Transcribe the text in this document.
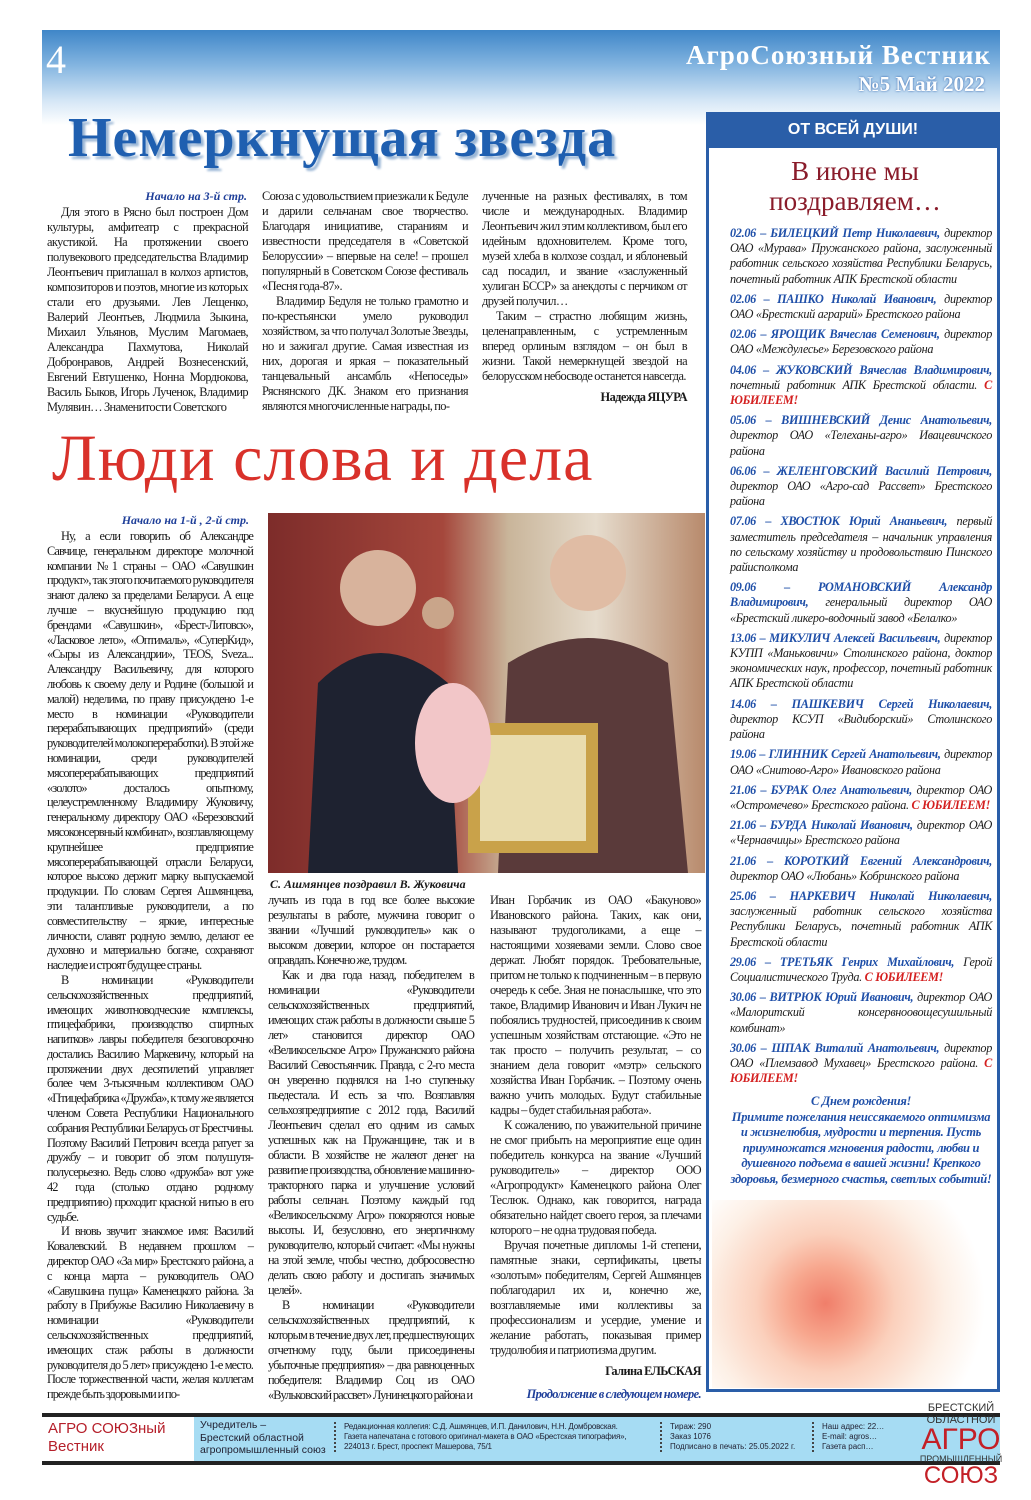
4	АгроСоюзный Вестник
№5 Май 2022
Немеркнущая звезда
Начало на 3-й стр.

Для этого в Рясно был построен Дом культуры, амфитеатр с прекрасной акустикой. На протяжении своего полувекового председательства Владимир Леонтьевич приглашал в колхоз артистов, композиторов и поэтов, многие из которых стали его друзьями. Лев Лещенко, Валерий Леонтьев, Людмила Зыкина, Михаил Ульянов, Муслим Магомаев, Александра Пахмутова, Николай Добронравов, Андрей Вознесенский, Евгений Евтушенко, Нонна Мордюкова, Василь Быков, Игорь Лученок, Владимир Мулявин… Знаменитости Советского

Союза с удовольствием приезжали к Бедуле и дарили сельчанам свое творчество. Благодаря инициативе, стараниям и известности председателя в «Советской Белоруссии» – впервые на селе! – прошел популярный в Советском Союзе фестиваль «Песня года-87».

Владимир Бедуля не только грамотно и по-крестьянски умело руководил хозяйством, за что получал Золотые Звезды, но и зажигал другие. Самая известная из них, дорогая и яркая – показательный танцевальный ансамбль «Непоседы» Ряснянского ДК. Знаком его признания являются многочисленные награды, по-

лученные на разных фестивалях, в том числе и международных. Владимир Леонтьевич жил этим коллективом, был его идейным вдохновителем. Кроме того, музей хлеба в колхозе создал, и яблоневый сад посадил, и звание «заслуженный хулиган БССР» за анекдоты с перчиком от друзей получил…

Таким – страстно любящим жизнь, целенаправленным, с устремленным вперед орлиным взглядом – он был в жизни. Такой немеркнущей звездой на белорусском небосводе останется навсегда.

Надежда ЯЦУРА
Люди слова и дела
Начало на 1-й , 2-й стр.
С. Ашмянцев поздравил В. Жуковича

Ну, а если говорить об Александре Савчице, генеральном директоре молочной компании №1 страны – ОАО «Савушкин продукт», так этого почитаемого руководителя знают далеко за пределами Беларуси. А еще лучше – вкуснейшую продукцию под брендами «Савушкин», «Брест-Литовск», «Ласковое лето», «Оптималь», «СуперКид», «Сыры из Александрии», TEOS, Sveza... Александру Васильевичу, для которого любовь к своему делу и Родине (большой и малой) неделима, по праву присуждено 1-е место в номинации «Руководители перерабатывающих предприятий» (среди руководителей молокопереработки). В этой же номинации, среди руководителей мясоперерабатывающих предприятий «золото» досталось опытному, целеустремленному Владимиру Жуковичу, генеральному директору ОАО «Березовский мясоконсервный комбинат», возглавляющему крупнейшее предприятие мясоперерабатывающей отрасли Беларуси, которое высоко держит марку выпускаемой продукции. По словам Сергея Ашмянцева, эти талантливые руководители, а по совместительству – яркие, интересные личности, славят родную землю, делают ее духовно и материально богаче, сохраняют наследие и строят будущее страны.

В номинации «Руководители сельскохозяйственных предприятий, имеющих животноводческие комплексы, птицефабрики, производство спиртных напитков» лавры победителя безоговорочно достались Василию Маркевичу, который на протяжении двух десятилетий управляет более чем 3-тысячным коллективом ОАО «Птицефабрика «Дружба», к тому же является членом Совета Республики Национального собрания Республики Беларусь от Брестчины. Поэтому Василий Петрович всегда ратует за дружбу – и говорит об этом полушутя-полусерьезно. Ведь слово «дружба» вот уже 42 года (столько отдано родному предприятию) проходит красной нитью в его судьбе.

И вновь звучит знакомое имя: Василий Ковалевский. В недавнем прошлом – директор ОАО «За мир» Брестского района, а с конца марта – руководитель ОАО «Савушкина пуща» Каменецкого района. За работу в Прибужье Василию Николаевичу в номинации «Руководители сельскохозяйственных предприятий, имеющих стаж работы в должности руководителя до 5 лет» присуждено 1-е место. После торжественной части, желая коллегам прежде быть здоровыми и по-

лучать из года в год все более высокие результаты в работе, мужчина говорит о звании «Лучший руководитель» как о высоком доверии, которое он постарается оправдать. Конечно же, трудом.

Как и два года назад, победителем в номинации «Руководители сельскохозяйственных предприятий, имеющих стаж работы в должности свыше 5 лет» становится директор ОАО «Великосельское Агро» Пружанского района Василий Севостьянчик. Правда, с 2-го места он уверенно поднялся на 1-ю ступеньку пьедестала. И есть за что. Возглавляя сельхозпредприятие с 2012 года, Василий Леонтьевич сделал его одним из самых успешных как на Пружанщине, так и в области. В хозяйстве не жалеют денег на развитие производства, обновление машинно-тракторного парка и улучшение условий работы сельчан. Поэтому каждый год «Великосельскому Агро» покоряются новые высоты. И, безусловно, его энергичному руководителю, который считает: «Мы нужны на этой земле, чтобы честно, добросовестно делать свою работу и достигать значимых целей».

В номинации «Руководители сельскохозяйственных предприятий, к которым в течение двух лет, предшествующих отчетному году, были присоединены убыточные предприятия» – два равноценных победителя: Владимир Соц из ОАО «Вульковский рассвет» Лунинецкого района и

Иван Горбачик из ОАО «Бакуново» Ивановского района. Таких, как они, называют трудоголиками, а еще – настоящими хозяевами земли. Слово свое держат. Любят порядок. Требовательные, притом не только к подчиненным – в первую очередь к себе. Зная не понаслышке, что это такое, Владимир Иванович и Иван Лукич не побоялись трудностей, присоединив к своим успешным хозяйствам отстающие. «Это не так просто – получить результат, – со знанием дела говорит «мэтр» сельского хозяйства Иван Горбачик. – Поэтому очень важно учить молодых. Будут стабильные кадры – будет стабильная работа».

К сожалению, по уважительной причине не смог прибыть на мероприятие еще один победитель конкурса на звание «Лучший руководитель» – директор ООО «Агропродукт» Каменецкого района Олег Теслюк. Однако, как говорится, награда обязательно найдет своего героя, за плечами которого – не одна трудовая победа.

Вручая почетные дипломы 1-й степени, памятные знаки, сертификаты, цветы «золотым» победителям, Сергей Ашмянцев поблагодарил их и, конечно же, возглавляемые ими коллективы за профессионализм и усердие, умение и желание работать, показывая пример трудолюбия и патриотизма другим.

Галина ЕЛЬСКАЯ
Продолжение в следующем номере.
ОТ ВСЕЙ ДУШИ!
В июне мы поздравляем…
02.06 – БИЛЕЦКИЙ Петр Николаевич, директор ОАО «Мурава» Пружанского района, заслуженный работник сельского хозяйства Республики Беларусь, почетный работник АПК Брестской области
02.06 – ПАШКО Николай Иванович, директор ОАО «Брестский аграрий» Брестского района
02.06 – ЯРОЩИК Вячеслав Семенович, директор ОАО «Междулесье» Березовского района
04.06 – ЖУКОВСКИЙ Вячеслав Владимирович, почетный работник АПК Брестской области. С ЮБИЛЕЕМ!
05.06 – ВИШНЕВСКИЙ Денис Анатольевич, директор ОАО «Телеханы-агро» Ивацевичского района
06.06 – ЖЕЛЕНГОВСКИЙ Василий Петрович, директор ОАО «Агро-сад Рассвет» Брестского района
07.06 – ХВОСТЮК Юрий Ананьевич, первый заместитель председателя – начальник управления по сельскому хозяйству и продовольствию Пинского райисполкома
09.06 – РОМАНОВСКИЙ Александр Владимирович, генеральный директор ОАО «Брестский ликеро-водочный завод «Белалко»
13.06 – МИКУЛИЧ Алексей Васильевич, директор КУПП «Маньковичи» Столинского района, доктор экономических наук, профессор, почетный работник АПК Брестской области
14.06 – ПАШКЕВИЧ Сергей Николаевич, директор КСУП «Видиборский» Столинского района
19.06 – ГЛИННИК Сергей Анатольевич, директор ОАО «Снитово-Агро» Ивановского района
21.06 – БУРАК Олег Анатольевич, директор ОАО «Остромечево» Брестского района. С ЮБИЛЕЕМ!
21.06 – БУРДА Николай Иванович, директор ОАО «Чернавчицы» Брестского района
21.06 – КОРОТКИЙ Евгений Александрович, директор ОАО «Любань» Кобринского района
25.06 – НАРКЕВИЧ Николай Николаевич, заслуженный работник сельского хозяйства Республики Беларусь, почетный работник АПК Брестской области
29.06 – ТРЕТЬЯК Генрих Михайлович, Герой Социалистического Труда. С ЮБИЛЕЕМ!
30.06 – ВИТРЮК Юрий Иванович, директор ОАО «Малоритский консервноовощесушильный комбинат»
30.06 – ШПАК Виталий Анатольевич, директор ОАО «Племзавод Мухавец» Брестского района. С ЮБИЛЕЕМ!
С Днем рождения!
Примите пожелания неиссякаемого оптимизма и жизнелюбия, мудрости и терпения. Пусть приумножатся мгновения радости, любви и душевного подъема в вашей жизни! Крепкого здоровья, безмерного счастья, светлых событий!
АГРО СОЮЗный Вестник
Учредитель –
Брестский областной
агропромышленный союз
Редакционная коллегия: С.Д. Ашмянцев, И.П. Данилович, Н.Н. Домбровская.
Газета напечатана с готового оригинал-макета в ОАО «Брестская типография»,
224013 г. Брест, проспект Машерова, 75/1
Тираж: 290
Заказ 1076
Подписано в печать: 25.05.2022 г.
Наш адрес: 22…
E-mail: agros…
Газета расп…
БРЕСТСКИЙ
ОБЛАСТНОЙ
АГРО
ПРОМЫШЛЕННЫЙ
СОЮЗ
